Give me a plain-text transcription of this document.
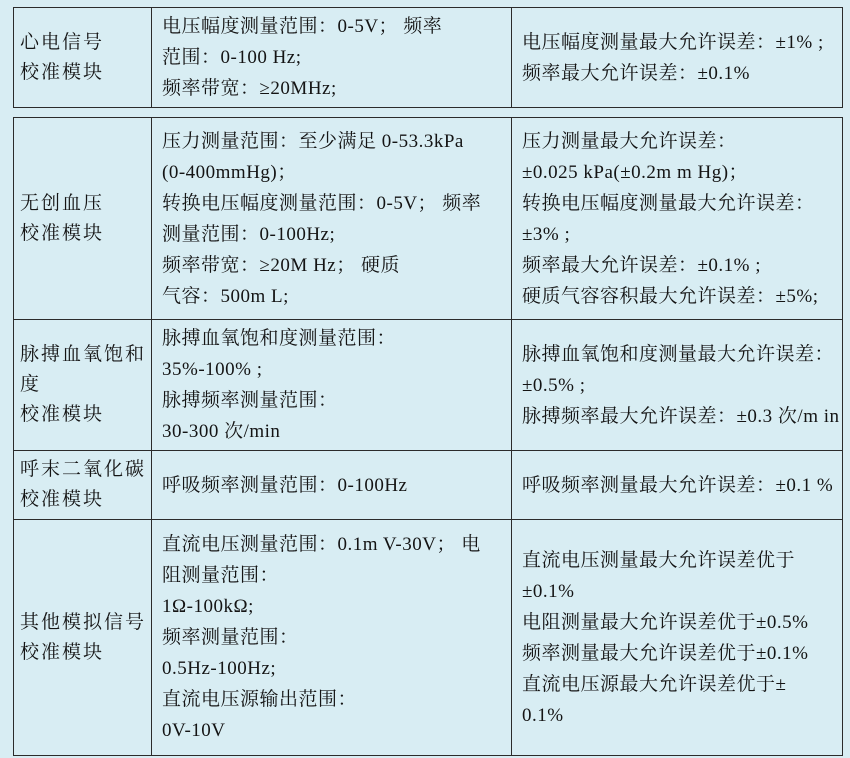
心电信号
校准模块
电压幅度测量范围：0-5V； 频率
范围：0-100 Hz;
频率带宽：≥20MHz;
电压幅度测量最大允许误差：±1% ;
频率最大允许误差：±0.1%
无创血压
校准模块
压力测量范围：至少满足 0-53.3kPa
(0-400mmHg)；
转换电压幅度测量范围：0-5V； 频率
测量范围：0-100Hz;
频率带宽：≥20M Hz； 硬质
气容：500m L;
压力测量最大允许误差：
±0.025 kPa(±0.2m m Hg)；
转换电压幅度测量最大允许误差：
±3% ;
频率最大允许误差：±0.1% ;
硬质气容容积最大允许误差：±5%;
脉搏血氧饱和
度
校准模块
脉搏血氧饱和度测量范围：
35%-100% ;
脉搏频率测量范围：
30-300 次/min
脉搏血氧饱和度测量最大允许误差：
±0.5% ;
脉搏频率最大允许误差：±0.3 次/m in
呼末二氧化碳
校准模块
呼吸频率测量范围：0-100Hz	呼吸频率测量最大允许误差：±0.1 %
其他模拟信号
校准模块
直流电压测量范围：0.1m V-30V； 电
阻测量范围：
1Ω-100kΩ;
频率测量范围：
0.5Hz-100Hz;
直流电压源输出范围：
0V-10V
直流电压测量最大允许误差优于
±0.1%
电阻测量最大允许误差优于±0.5%
频率测量最大允许误差优于±0.1%
直流电压源最大允许误差优于±
0.1%
